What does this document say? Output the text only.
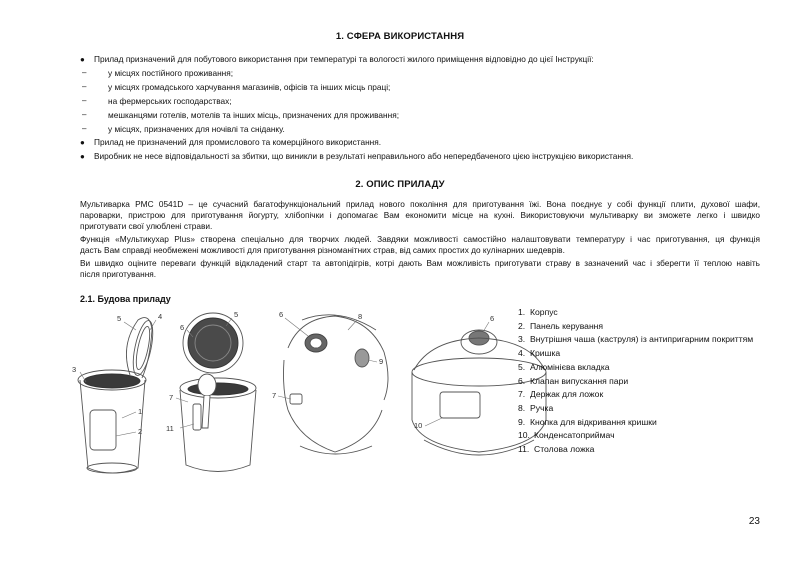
1. СФЕРА ВИКОРИСТАННЯ
● Прилад призначений для побутового використання при температурі та вологості жилого приміщення відповідно до цієї Інструкції:
–	у місцях постійного проживання;
–	у місцях громадського харчування магазинів, офісів та інших місць праці;
–	на фермерських господарствах;
–	мешканцями готелів, мотелів та інших місць, призначених для проживання;
–	у місцях, призначених для ночівлі та сніданку.
● Прилад не призначений для промислового та комерційного використання.
● Виробник не несе відповідальності за збитки, що виникли в результаті неправильного або непередбаченого цією інструкцією використання.
2. ОПИС ПРИЛАДУ
Мультиварка PMC 0541D – це сучасний багатофункціональний прилад нового покоління для приготування їжі. Вона поєднує у собі функції плити, духової шафи,
пароварки, пристрою для приготування йогурту, хлібопічки і допомагає Вам економити місце на кухні. Використовуючи мультиварку ви зможете легко і швидко
приготувати свої улюблені страви.
Функція «Мультикухар Plus» створена спеціально для творчих людей. Завдяки можливості самостійно налаштовувати температуру і час приготування, ця функція
дасть Вам справді необмежені можливості для приготування різноманітних страв, від самих простих до кулінарних шедеврів.
Ви швидко оціните переваги функцій відкладений старт та автопідігрів, котрі дають Вам можливість приготувати страву в зазначений час і зберегти її теплою навіть
після приготування.
2.1. Будова приладу
5	4
3
1
2
6
5
7
11
6	8
9
7
6
10
1. Корпус
2. Панель керування
3. Внутрішня чаша (каструля) із антипригарним покриттям
4. Кришка
5. Алюмінієва вкладка
6. Клапан випускання пари
7. Держак для ложок
8. Ручка
9. Кнопка для відкривання кришки
10. Конденсатоприймач
11. Столова ложка
23
